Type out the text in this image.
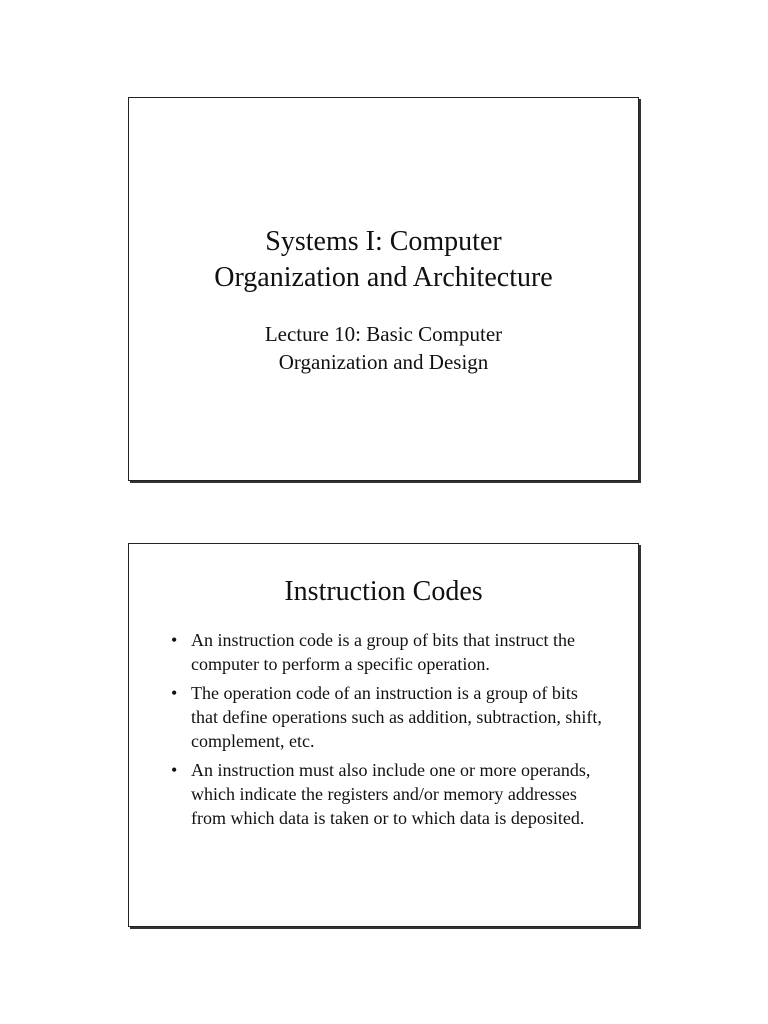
Systems I: Computer
Organization and Architecture
Lecture 10: Basic Computer
Organization and Design
Instruction Codes
• An instruction code is a group of bits that instruct the computer to perform a specific operation.
• The operation code of an instruction is a group of bits that define operations such as addition, subtraction, shift, complement, etc.
• An instruction must also include one or more operands, which indicate the registers and/or memory addresses from which data is taken or to which data is deposited.
